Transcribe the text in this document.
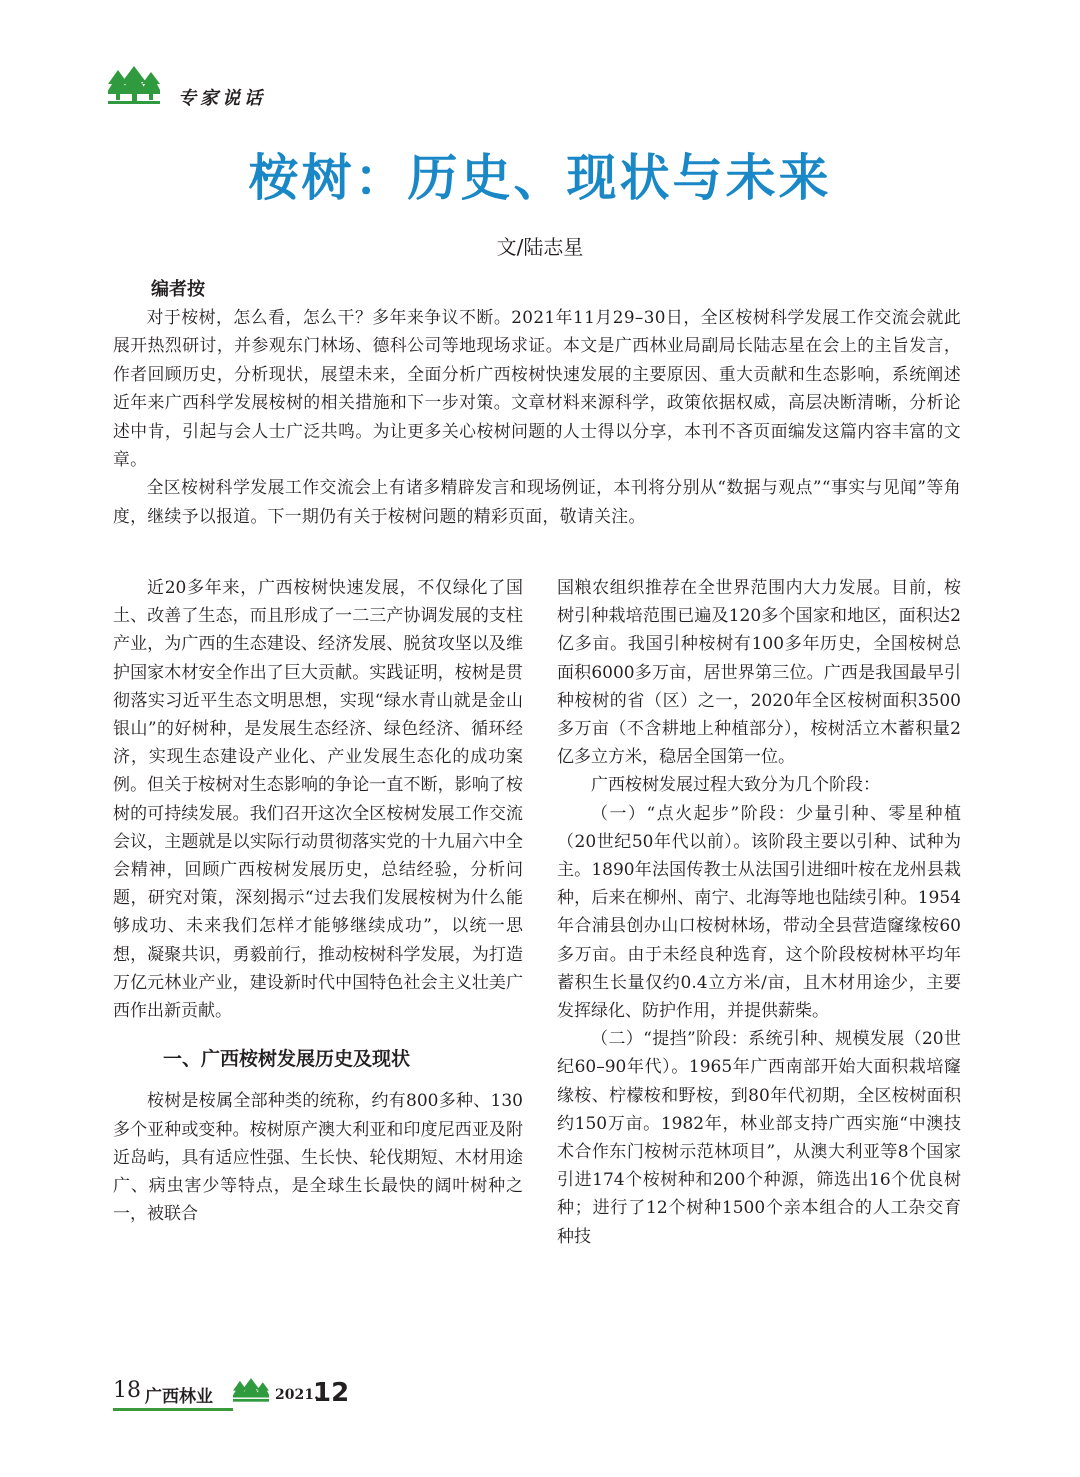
专家说话
桉树：历史、现状与未来
文/陆志星
编者按

对于桉树，怎么看，怎么干？多年来争议不断。2021年11月29–30日，全区桉树科学发展工作交流会就此展开热烈研讨，并参观东门林场、德科公司等地现场求证。本文是广西林业局副局长陆志星在会上的主旨发言，作者回顾历史，分析现状，展望未来，全面分析广西桉树快速发展的主要原因、重大贡献和生态影响，系统阐述近年来广西科学发展桉树的相关措施和下一步对策。文章材料来源科学，政策依据权威，高层决断清晰，分析论述中肯，引起与会人士广泛共鸣。为让更多关心桉树问题的人士得以分享，本刊不吝页面编发这篇内容丰富的文章。

全区桉树科学发展工作交流会上有诸多精辟发言和现场例证，本刊将分别从“数据与观点”“事实与见闻”等角度，继续予以报道。下一期仍有关于桉树问题的精彩页面，敬请关注。

近20多年来，广西桉树快速发展，不仅绿化了国土、改善了生态，而且形成了一二三产协调发展的支柱产业，为广西的生态建设、经济发展、脱贫攻坚以及维护国家木材安全作出了巨大贡献。实践证明，桉树是贯彻落实习近平生态文明思想，实现“绿水青山就是金山银山”的好树种，是发展生态经济、绿色经济、循环经济，实现生态建设产业化、产业发展生态化的成功案例。但关于桉树对生态影响的争论一直不断，影响了桉树的可持续发展。我们召开这次全区桉树发展工作交流会议，主题就是以实际行动贯彻落实党的十九届六中全会精神，回顾广西桉树发展历史，总结经验，分析问题，研究对策，深刻揭示“过去我们发展桉树为什么能够成功、未来我们怎样才能够继续成功”，以统一思想，凝聚共识，勇毅前行，推动桉树科学发展，为打造万亿元林业产业，建设新时代中国特色社会主义壮美广西作出新贡献。

一、广西桉树发展历史及现状

桉树是桉属全部种类的统称，约有800多种、130多个亚种或变种。桉树原产澳大利亚和印度尼西亚及附近岛屿，具有适应性强、生长快、轮伐期短、木材用途广、病虫害少等特点，是全球生长最快的阔叶树种之一，被联合

国粮农组织推荐在全世界范围内大力发展。目前，桉树引种栽培范围已遍及120多个国家和地区，面积达2亿多亩。我国引种桉树有100多年历史，全国桉树总面积6000多万亩，居世界第三位。广西是我国最早引种桉树的省（区）之一，2020年全区桉树面积3500多万亩（不含耕地上种植部分），桉树活立木蓄积量2亿多立方米，稳居全国第一位。

广西桉树发展过程大致分为几个阶段：

（一）“点火起步”阶段：少量引种、零星种植（20世纪50年代以前）。该阶段主要以引种、试种为主。1890年法国传教士从法国引进细叶桉在龙州县栽种，后来在柳州、南宁、北海等地也陆续引种。1954年合浦县创办山口桉树林场，带动全县营造窿缘桉60多万亩。由于未经良种选育，这个阶段桉树林平均年蓄积生长量仅约0.4立方米/亩，且木材用途少，主要发挥绿化、防护作用，并提供薪柴。

（二）“提挡”阶段：系统引种、规模发展（20世纪60–90年代）。1965年广西南部开始大面积栽培窿缘桉、柠檬桉和野桉，到80年代初期，全区桉树面积约150万亩。1982年，林业部支持广西实施“中澳技术合作东门桉树示范林项目”，从澳大利亚等8个国家引进174个桉树种和200个种源，筛选出16个优良树种；进行了12个树种1500个亲本组合的人工杂交育种技

18 广西林业	2021.
12
